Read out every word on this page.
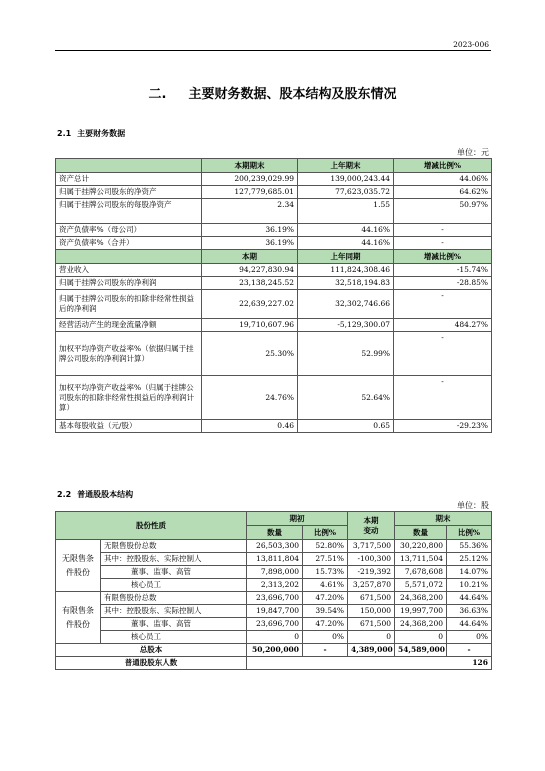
2023-006
二. 主要财务数据、股本结构及股东情况
2.1 主要财务数据
单位：元
	本期期末	上年期末	增减比例%
资产总计	200,239,029.99	139,000,243.44	44.06%
归属于挂牌公司股东的净资产	127,779,685.01	77,623,035.72	64.62%
归属于挂牌公司股东的每股净资产	2.34	1.55	50.97%
资产负债率%（母公司）	36.19%	44.16%	-
资产负债率%（合并）	36.19%	44.16%	-
	本期	上年同期	增减比例%
营业收入	94,227,830.94	111,824,308.46	-15.74%
归属于挂牌公司股东的净利润	23,138,245.52	32,518,194.83	-28.85%
归属于挂牌公司股东的扣除非经常性损益后的净利润	22,639,227.02	32,302,746.66	-
经营活动产生的现金流量净额	19,710,607.96	-5,129,300.07	484.27%
加权平均净资产收益率%（依据归属于挂牌公司股东的净利润计算）	25.30%	52.99%	-
加权平均净资产收益率%（归属于挂牌公司股东的扣除非经常性损益后的净利润计算）	24.76%	52.64%	-
基本每股收益（元/股）	0.46	0.65	-29.23%
2.2 普通股股本结构
单位：股
股份性质		期初		本期
变动	期末	
		数量	比例%		数量	比例%
无限售条件股份	无限售股份总数	26,503,300	52.80%	3,717,500	30,220,800	55.36%
	其中：控股股东、实际控制人	13,811,804	27.51%	-100,300	13,711,504	25.12%
	董事、监事、高管	7,898,000	15.73%	-219,392	7,678,608	14.07%
	核心员工	2,313,202	4.61%	3,257,870	5,571,072	10.21%
有限售条件股份	有限售股份总数	23,696,700	47.20%	671,500	24,368,200	44.64%
	其中：控股股东、实际控制人	19,847,700	39.54%	150,000	19,997,700	36.63%
	董事、监事、高管	23,696,700	47.20%	671,500	24,368,200	44.64%
	核心员工	0	0%	0	0	0%
总股本		50,200,000	-	4,389,000	54,589,000	-
普通股股东人数		126				
